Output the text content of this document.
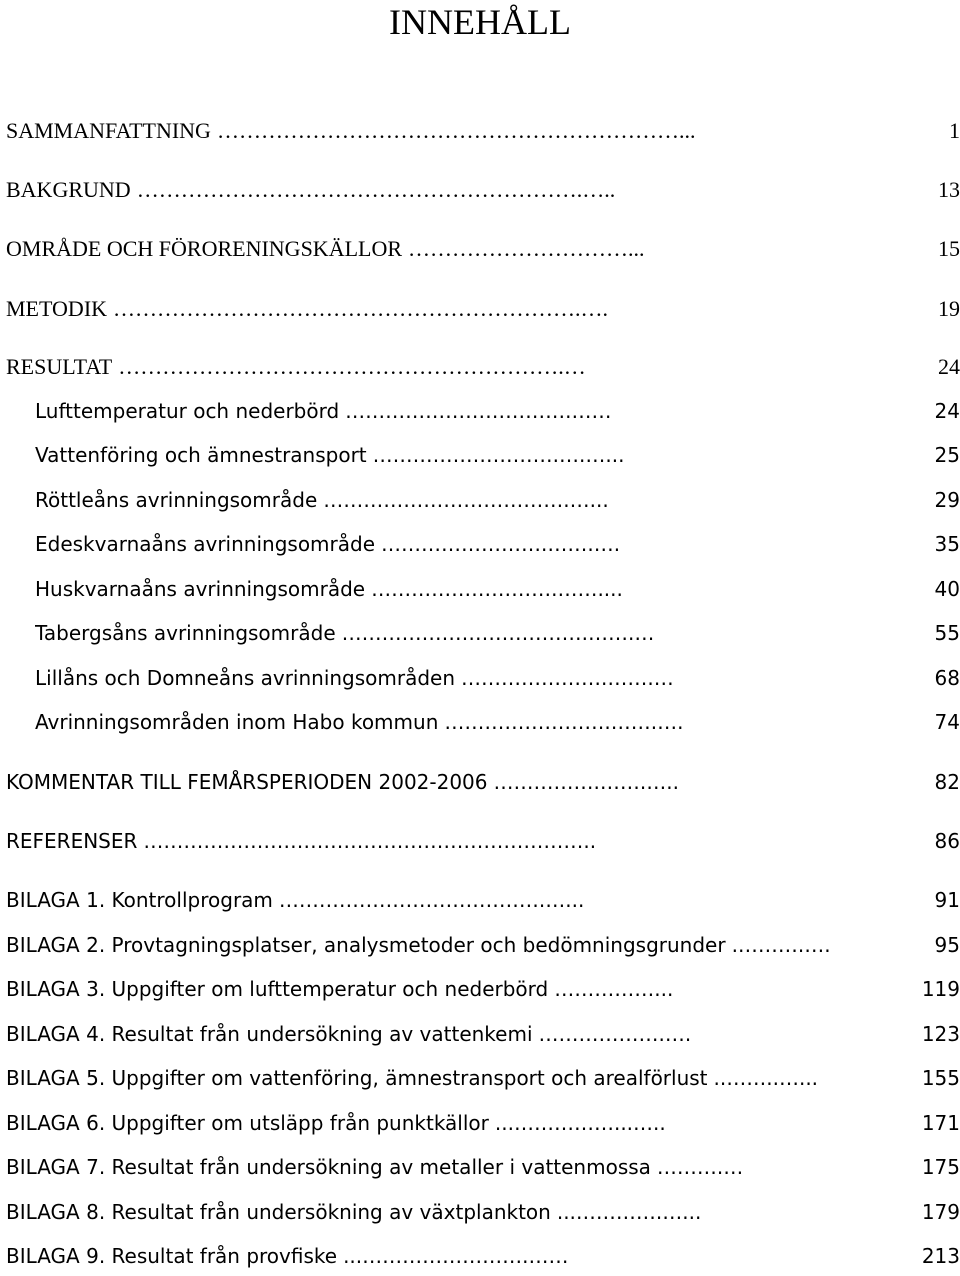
INNEHÅLL
SAMMANFATTNING ………………………………………………………...	1
BAKGRUND …………………………………………………….…..	13
OMRÅDE OCH FÖRORENINGSKÄLLOR …………………………...	15
METODIK ……………………………………………………….….	19
RESULTAT …………………………………………………….…	24
Lufttemperatur och nederbörd …………………………….……	24
Vattenföring och ämnestransport ……………………….….…...	25
Röttleåns avrinningsområde ……………………………….…...	29
Edeskvarnaåns avrinningsområde …………………….…….….	35
Huskvarnaåns avrinningsområde ……………………….……....	40
Tabergsåns avrinningsområde ……………………………….…….…	55
Lillåns och Domneåns avrinningsområden ………………….…….…	68
Avrinningsområden inom Habo kommun …………………….…….….	74
KOMMENTAR TILL FEMÅRSPERIODEN 2002-2006 …………….…….…..	82
REFERENSER …………………………………………………………..	86
BILAGA 1. Kontrollprogram ………………………………….…...	91
BILAGA 2. Provtagningsplatser, analysmetoder och bedömningsgrunder .……….….	95
BILAGA 3. Uppgifter om lufttemperatur och nederbörd ……………...	119
BILAGA 4. Resultat från undersökning av vattenkemi ……………….….	123
BILAGA 5. Uppgifter om vattenföring, ämnestransport och arealförlust ..……..…...	155
BILAGA 6. Uppgifter om utsläpp från punktkällor ...……………...…..	171
BILAGA 7. Resultat från undersökning av metaller i vattenmossa ……….…	175
BILAGA 8. Resultat från undersökning av växtplankton ...………….…...	179
BILAGA 9. Resultat från provfiske ...…………………….……	213
